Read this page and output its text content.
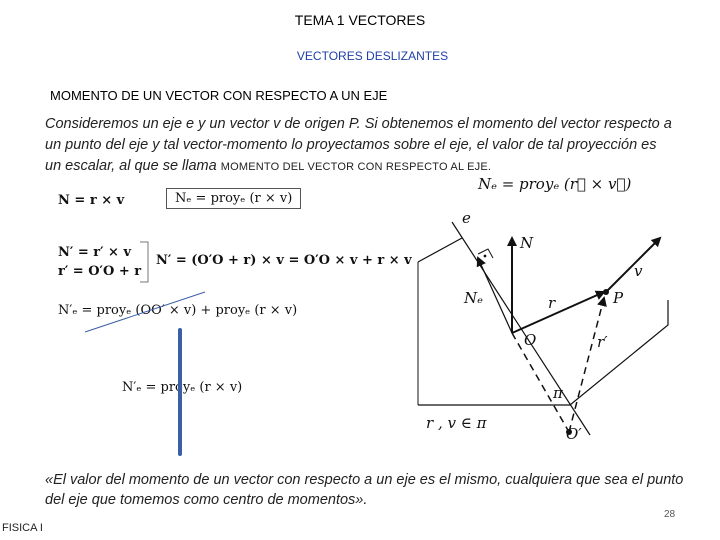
TEMA 1 VECTORES
VECTORES DESLIZANTES
MOMENTO DE UN VECTOR CON RESPECTO A UN EJE
Consideremos un eje e y un vector v de origen P. Si obtenemos el momento del vector respecto a un punto del eje y tal vector-momento lo proyectamos sobre el eje, el valor de tal proyección es un escalar, al que se llama MOMENTO DEL VECTOR CON RESPECTO AL EJE.
N = r × v	Nₑ = proyₑ (r × v)
N′ = r′ × v
r′ = O′O + r
N′ = (O′O + r) × v = O′O × v + r × v
N′ₑ = proyₑ (OO′ × v) + proyₑ (r × v)
N′ₑ = proyₑ (r × v)
Nₑ = proyₑ (r⃗ × v⃗)
e
N
Nₑ
O
r	P
v
r′
π
O′
r , v ∈ π
«El valor del momento de un vector con respecto a un eje es el mismo, cualquiera que sea el punto del eje que tomemos como centro de momentos».
28
FISICA I
